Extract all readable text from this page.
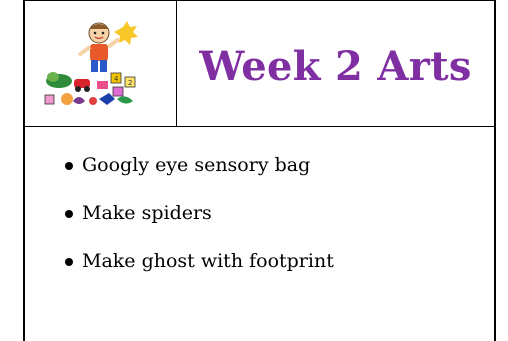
4 2	Week 2 Arts
Googly eye sensory bag
Make spiders
Make ghost with footprint
